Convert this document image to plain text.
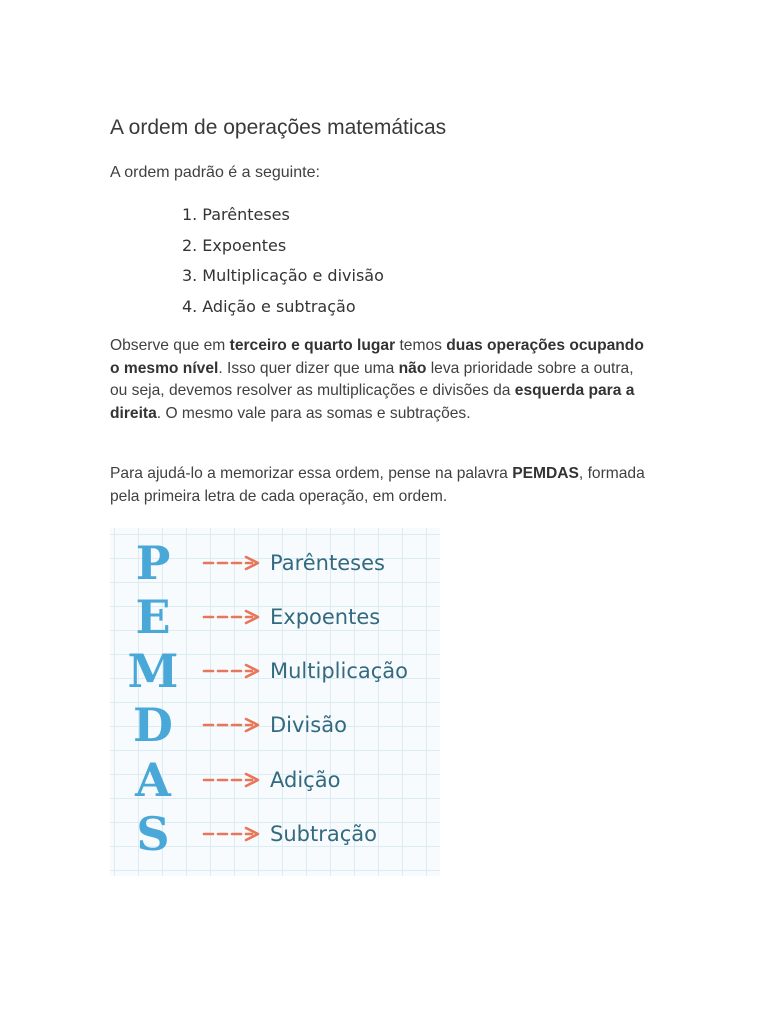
A ordem de operações matemáticas

A ordem padrão é a seguinte:

1. Parênteses
2. Expoentes
3. Multiplicação e divisão
4. Adição e subtração

Observe que em terceiro e quarto lugar temos duas operações ocupando o mesmo nível. Isso quer dizer que uma não leva prioridade sobre a outra, ou seja, devemos resolver as multiplicações e divisões da esquerda para a direita. O mesmo vale para as somas e subtrações.

Para ajudá-lo a memorizar essa ordem, pense na palavra PEMDAS, formada pela primeira letra de cada operação, em ordem.

P	Parênteses
E	Expoentes
M	Multiplicação
D	Divisão
A	Adição
S	Subtração
